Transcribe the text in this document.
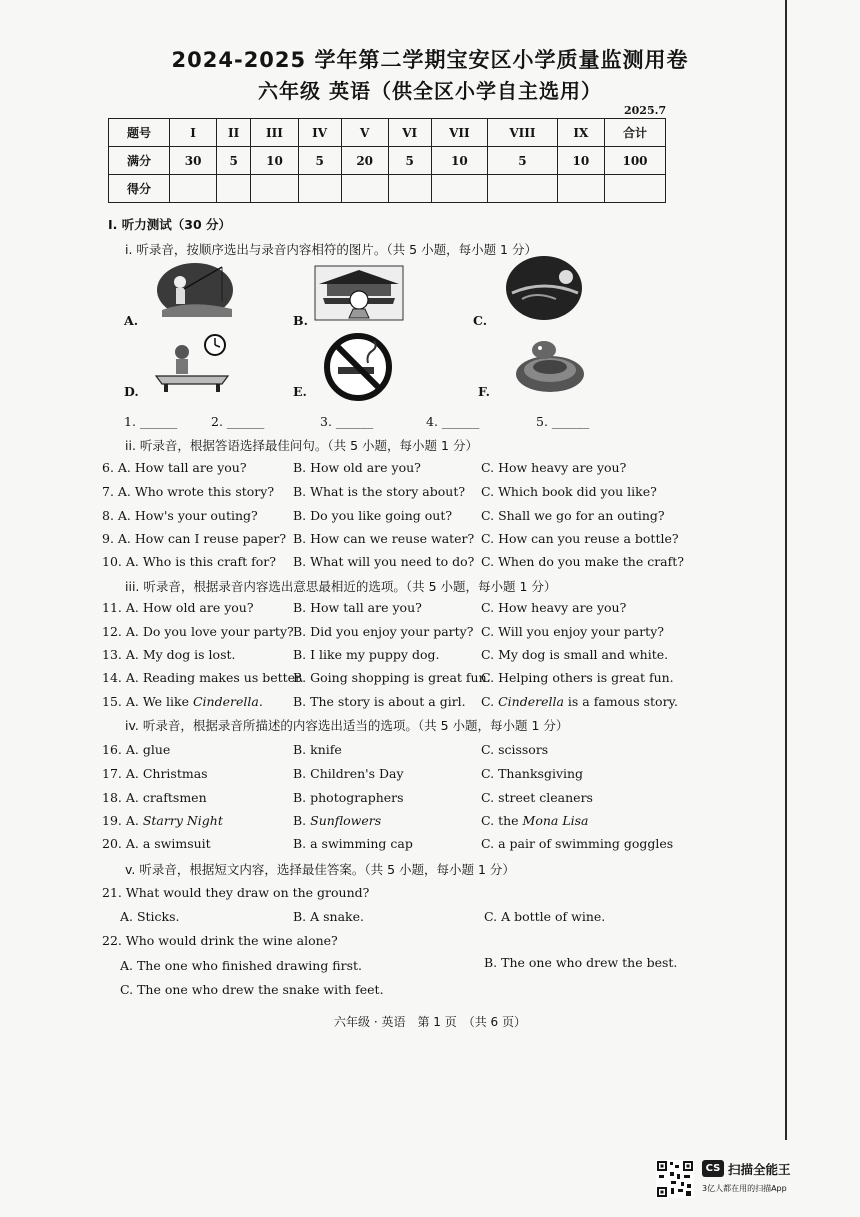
2024-2025 学年第二学期宝安区小学质量监测用卷
六年级 英语（供全区小学自主选用）
2025.7
题号	I	II	III	IV	V	VI	VII	VIII	IX	合计
满分	30	5	10	5	20	5	10	5	10	100
得分										
I. 听力测试（30 分）
i. 听录音，按顺序选出与录音内容相符的图片。（共 5 小题，每小题 1 分）
A.	B.	C.
D.	E.	F.
1. ______	2. ______	3. ______	4. ______	5. ______
ii. 听录音，根据答语选择最佳问句。（共 5 小题，每小题 1 分）
6. A. How tall are you?	B. How old are you?	C. How heavy are you?
7. A. Who wrote this story? B. What is the story about? C. Which book did you like?
8. A. How's your outing?	B. Do you like going out? C. Shall we go for an outing?
9. A. How can I reuse paper? B. How can we reuse water? C. How can you reuse a bottle?
10. A. Who is this craft for? B. What will you need to do? C. When do you make the craft?
iii. 听录音，根据录音内容选出意思最相近的选项。（共 5 小题，每小题 1 分）
11. A. How old are you?	B. How tall are you?	C. How heavy are you?
12. A. Do you love your party? B. Did you enjoy your party? C. Will you enjoy your party?
13. A. My dog is lost.	B. I like my puppy dog.	C. My dog is small and white.
14. A. Reading makes us better.
B. Going shopping is great fun.
C. Helping others is great fun.
15. A. We like Cinderella. B. The story is about a girl. C. Cinderella is a famous story.
iv. 听录音，根据录音所描述的内容选出适当的选项。（共 5 小题，每小题 1 分）
16. A. glue	B. knife	C. scissors
17. A. Christmas	B. Children's Day	C. Thanksgiving
18. A. craftsmen	B. photographers	C. street cleaners
19. A. Starry Night	B. Sunflowers	C. the Mona Lisa
20. A. a swimsuit	B. a swimming cap	C. a pair of swimming goggles
v. 听录音，根据短文内容，选择最佳答案。（共 5 小题，每小题 1 分）
21. What would they draw on the ground?
A. Sticks.	B. A snake.	C. A bottle of wine.
22. Who would drink the wine alone?
A. The one who finished drawing first.	B. The one who drew the best.
C. The one who drew the snake with feet.
六年级 · 英语　第 1 页　（共 6 页）
CS 扫描全能王
3亿人都在用的扫描App
